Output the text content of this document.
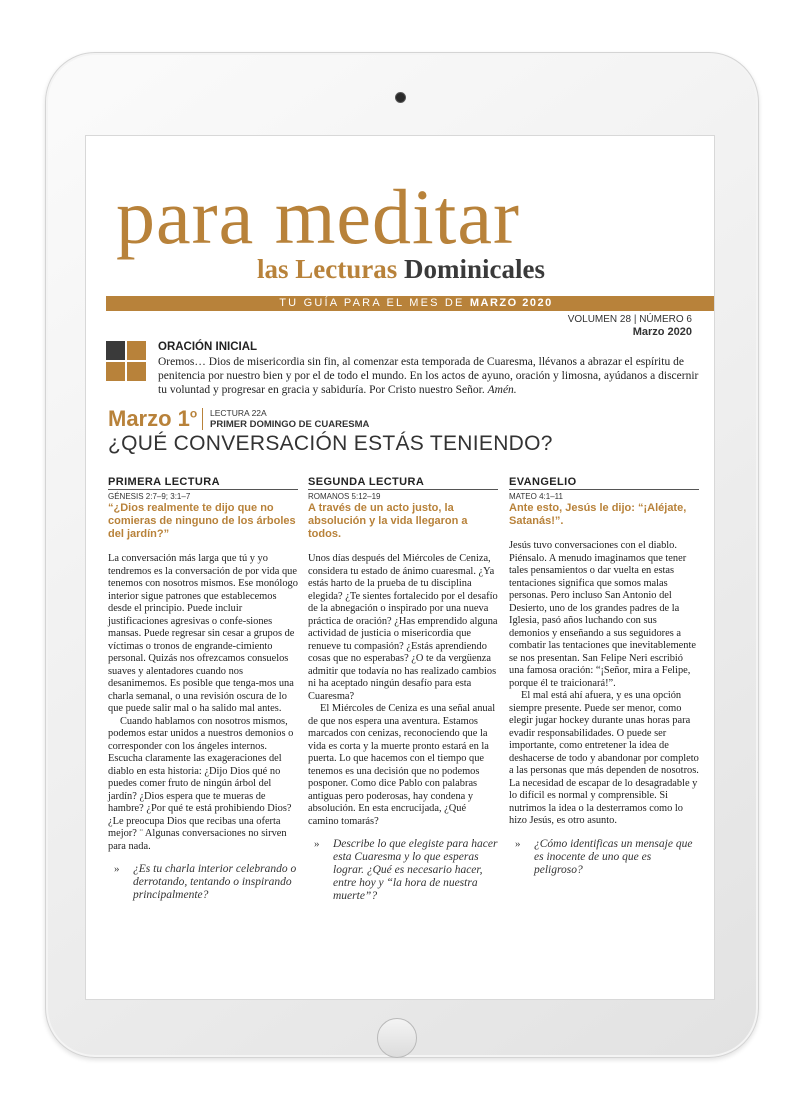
para meditar
las Lecturas Dominicales
TU GUÍA PARA EL MES DE MARZO 2020
VOLUMEN 28 | NÚMERO 6
Marzo 2020
ORACIÓN INICIAL
Oremos… Dios de misericordia sin fin, al comenzar esta temporada de Cuaresma, llévanos a abrazar el espíritu de penitencia por nuestro bien y por el de todo el mundo. En los actos de ayuno, oración y limosna, ayúdanos a discernir tu voluntad y progresar en gracia y sabiduría. Por Cristo nuestro Señor. Amén.
Marzo 1$^o$ LECTURA 22A
PRIMER DOMINGO DE CUARESMA
¿QUÉ CONVERSACIÓN ESTÁS TENIENDO?
PRIMERA LECTURA
GÉNESIS 2:7–9; 3:1–7
“¿Dios realmente te dijo que no comieras de ninguno de los árboles del jardín?”

La conversación más larga que tú y yo tendremos es la conversación de por vida que tenemos con nosotros mismos. Ese monólogo interior sigue patrones que establecemos desde el principio. Puede incluir justificaciones agresivas o confe-siones mansas. Puede regresar sin cesar a grupos de víctimas o tronos de engrande-cimiento personal. Quizás nos ofrezcamos consuelos suaves y alentadores cuando nos desanimemos. Es posible que tenga-mos una charla semanal, o una revisión oscura de lo que puede salir mal o ha salido mal antes.

Cuando hablamos con nosotros mismos, podemos estar unidos a nuestros demonios o corresponder con los ángeles internos. Escucha claramente las exageraciones del diablo en esta historia: ¿Dijo Dios qué no puedes comer fruto de ningún árbol del jardín? ¿Dios espera que te mueras de hambre? ¿Por qué te está prohibiendo Dios? ¿Le preocupa Dios que recibas una oferta mejor? ¨ Algunas conversaciones no sirven para nada.

» ¿Es tu charla interior celebrando o derrotando, tentando o inspirando principalmente?
SEGUNDA LECTURA
ROMANOS 5:12–19
A través de un acto justo, la absolución y la vida llegaron a todos.

Unos días después del Miércoles de Ceniza, considera tu estado de ánimo cuaresmal. ¿Ya estás harto de la prueba de tu disciplina elegida? ¿Te sientes fortalecido por el desafío de la abnegación o inspirado por una nueva práctica de oración? ¿Has emprendido alguna actividad de justicia o misericordia que renueve tu compasión? ¿Estás aprendiendo cosas que no esperabas? ¿O te da vergüenza admitir que todavía no has realizado cambios ni ha aceptado ningún desafío para esta Cuaresma?

El Miércoles de Ceniza es una señal anual de que nos espera una aventura. Estamos marcados con cenizas, reconociendo que la vida es corta y la muerte pronto estará en la puerta. Lo que hacemos con el tiempo que tenemos es una decisión que no podemos posponer. Como dice Pablo con palabras antiguas pero poderosas, hay condena y absolución. En esta encrucijada, ¿Qué camino tomarás?

» Describe lo que elegiste para hacer esta Cuaresma y lo que esperas lograr. ¿Qué es necesario hacer, entre hoy y “la hora de nuestra muerte”?
EVANGELIO
MATEO 4:1–11
Ante esto, Jesús le dijo: “¡Aléjate, Satanás!”.

Jesús tuvo conversaciones con el diablo. Piénsalo. A menudo imaginamos que tener tales pensamientos o dar vuelta en estas tentaciones significa que somos malas personas. Pero incluso San Antonio del Desierto, uno de los grandes padres de la Iglesia, pasó años luchando con sus demonios y enseñando a sus seguidores a combatir las tentaciones que inevitablemente se nos presentan. San Felipe Neri escribió una famosa oración: “¡Señor, mira a Felipe, porque él te traicionará!”.

El mal está ahí afuera, y es una opción siempre presente. Puede ser menor, como elegir jugar hockey durante unas horas para evadir responsabilidades. O puede ser importante, como entretener la idea de deshacerse de todo y abandonar por completo a las personas que más dependen de nosotros. La necesidad de escapar de lo desagradable y lo difícil es normal y comprensible. Si nutrimos la idea o la desterramos como lo hizo Jesús, es otro asunto.

» ¿Cómo identificas un mensaje que es inocente de uno que es peligroso?
